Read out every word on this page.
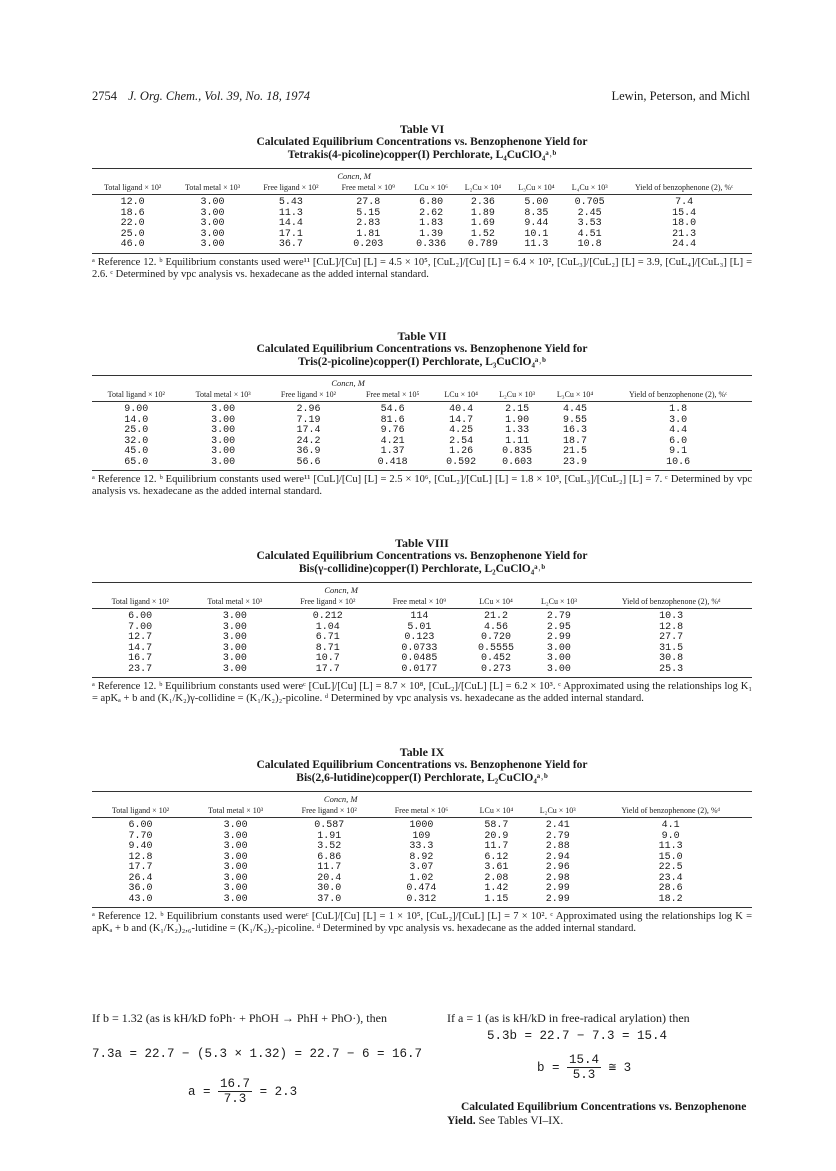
2754 J. Org. Chem., Vol. 39, No. 18, 1974	Lewin, Peterson, and Michl
Table VI
Calculated Equilibrium Concentrations vs. Benzophenone Yield for
Tetrakis(4-picoline)copper(I) Perchlorate, L₄CuClO₄ᵃ˒ᵇ
Concn, M								
Total ligand × 10²	Total metal × 10³	Free ligand × 10²	Free metal × 10⁹	LCu × 10⁶	L₂Cu × 10⁴	L₃Cu × 10⁴	L₄Cu × 10³	Yield of benzophenone (2), %ᶜ
12.0	3.00	5.43	27.8	6.80	2.36	5.00	0.705	7.4
18.6	3.00	11.3	5.15	2.62	1.89	8.35	2.45	15.4
22.0	3.00	14.4	2.83	1.83	1.69	9.44	3.53	18.0
25.0	3.00	17.1	1.81	1.39	1.52	10.1	4.51	21.3
46.0	3.00	36.7	0.203	0.336	0.789	11.3	10.8	24.4
ᵃ Reference 12. ᵇ Equilibrium constants used were¹¹ [CuL]/[Cu] [L] = 4.5 × 10⁵, [CuL₂]/[Cu] [L] = 6.4 × 10², [CuL₃]/[CuL₂] [L] = 3.9, [CuL₄]/[CuL₃] [L] = 2.6. ᶜ Determined by vpc analysis vs. hexadecane as the added internal standard.
Table VII
Calculated Equilibrium Concentrations vs. Benzophenone Yield for
Tris(2-picoline)copper(I) Perchlorate, L₃CuClO₄ᵃ˒ᵇ
Concn, M							
Total ligand × 10²	Total metal × 10³	Free ligand × 10²	Free metal × 10⁵	LCu × 10⁴	L₂Cu × 10³	L₃Cu × 10⁴	Yield of benzophenone (2), %ᶜ
9.00	3.00	2.96	54.6	40.4	2.15	4.45	1.8
14.0	3.00	7.19	81.6	14.7	1.90	9.55	3.0
25.0	3.00	17.4	9.76	4.25	1.33	16.3	4.4
32.0	3.00	24.2	4.21	2.54	1.11	18.7	6.0
45.0	3.00	36.9	1.37	1.26	0.835	21.5	9.1
65.0	3.00	56.6	0.418	0.592	0.603	23.9	10.6
ᵃ Reference 12. ᵇ Equilibrium constants used were¹¹ [CuL]/[Cu] [L] = 2.5 × 10⁶, [CuL₂]/[CuL] [L] = 1.8 × 10³, [CuL₃]/[CuL₂] [L] = 7. ᶜ Determined by vpc analysis vs. hexadecane as the added internal standard.
Table VIII
Calculated Equilibrium Concentrations vs. Benzophenone Yield for
Bis(γ-collidine)copper(I) Perchlorate, L₂CuClO₄ᵃ˒ᵇ
Concn, M						
Total ligand × 10²	Total metal × 10³	Free ligand × 10²	Free metal × 10⁹	LCu × 10⁴	L₂Cu × 10³	Yield of benzophenone (2), %ᵈ
6.00	3.00	0.212	114	21.2	2.79	10.3
7.00	3.00	1.04	5.01	4.56	2.95	12.8
12.7	3.00	6.71	0.123	0.720	2.99	27.7
14.7	3.00	8.71	0.0733	0.5555	3.00	31.5
16.7	3.00	10.7	0.0485	0.452	3.00	30.8
23.7	3.00	17.7	0.0177	0.273	3.00	25.3
ᵃ Reference 12. ᵇ Equilibrium constants used wereᶜ [CuL]/[Cu] [L] = 8.7 × 10⁸, [CuL₂]/[CuL] [L] = 6.2 × 10³. ᶜ Approximated using the relationships log K₁ = apKₐ + b and (K₁/K₂)γ-collidine = (K₁/K₂)₂-picoline. ᵈ Determined by vpc analysis vs. hexadecane as the added internal standard.
Table IX
Calculated Equilibrium Concentrations vs. Benzophenone Yield for
Bis(2,6-lutidine)copper(I) Perchlorate, L₂CuClO₄ᵃ˒ᵇ
Concn, M						
Total ligand × 10²	Total metal × 10³	Free ligand × 10²	Free metal × 10⁶	LCu × 10⁴	L₂Cu × 10³	Yield of benzophenone (2), %ᵈ
6.00	3.00	0.587	1000	58.7	2.41	4.1
7.70	3.00	1.91	109	20.9	2.79	9.0
9.40	3.00	3.52	33.3	11.7	2.88	11.3
12.8	3.00	6.86	8.92	6.12	2.94	15.0
17.7	3.00	11.7	3.07	3.61	2.96	22.5
26.4	3.00	20.4	1.02	2.08	2.98	23.4
36.0	3.00	30.0	0.474	1.42	2.99	28.6
43.0	3.00	37.0	0.312	1.15	2.99	18.2
ᵃ Reference 12. ᵇ Equilibrium constants used wereᶜ [CuL]/[Cu] [L] = 1 × 10⁵, [CuL₂]/[CuL] [L] = 7 × 10². ᶜ Approximated using the relationships log K = apKₐ + b and (K₁/K₂)₂,₆-lutidine = (K₁/K₂)₂-picoline. ᵈ Determined by vpc analysis vs. hexadecane as the added internal standard.
If b = 1.32 (as is kH/kD foPh· + PhOH → PhH + PhO·), then
7.3a = 22.7 − (5.3 × 1.32) = 22.7 − 6 = 16.7
$a = \frac{16.7}{7.3} = 2.3$
If a = 1 (as is kH/kD in free-radical arylation) then
5.3b = 22.7 − 7.3 = 15.4
$b = \frac{15.4}{5.3}$ ≅ 3
Calculated Equilibrium Concentrations vs. Benzophenone Yield. See Tables VI–IX.
